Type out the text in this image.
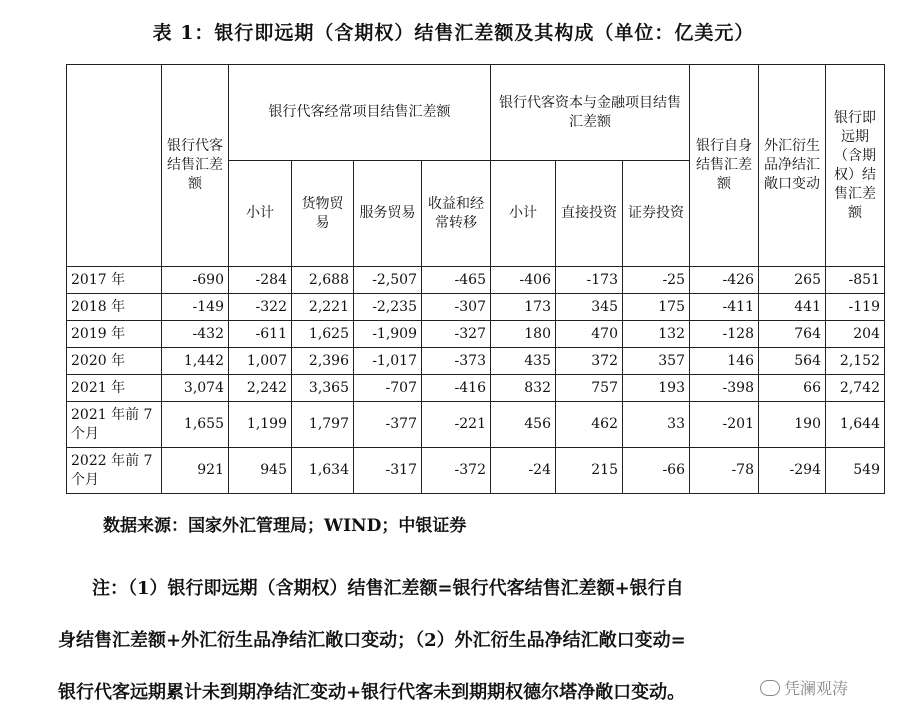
表 1：银行即远期（含期权）结售汇差额及其构成（单位：亿美元）
	银行代客结售汇差额	银行代客经常项目结售汇差额				银行代客资本与金融项目结售汇差额			银行自身结售汇差额	外汇衍生品净结汇敞口变动	银行即远期（含期权）结售汇差额
		小计	货物贸易	服务贸易	收益和经常转移	小计	直接投资	证券投资			
2017 年	-690	-284	2,688	-2,507	-465	-406	-173	-25	-426	265	-851
2018 年	-149	-322	2,221	-2,235	-307	173	345	175	-411	441	-119
2019 年	-432	-611	1,625	-1,909	-327	180	470	132	-128	764	204
2020 年	1,442	1,007	2,396	-1,017	-373	435	372	357	146	564	2,152
2021 年	3,074	2,242	3,365	-707	-416	832	757	193	-398	66	2,742
2021 年前 7 个月	1,655	1,199	1,797	-377	-221	456	462	33	-201	190	1,644
2022 年前 7 个月	921	945	1,634	-317	-372	-24	215	-66	-78	-294	549
数据来源：国家外汇管理局；WIND；中银证券

注：（1）银行即远期（含期权）结售汇差额=银行代客结售汇差额+银行自

身结售汇差额+外汇衍生品净结汇敞口变动；（2）外汇衍生品净结汇敞口变动=

银行代客远期累计未到期净结汇变动+银行代客未到期期权德尔塔净敞口变动。	凭澜观涛
